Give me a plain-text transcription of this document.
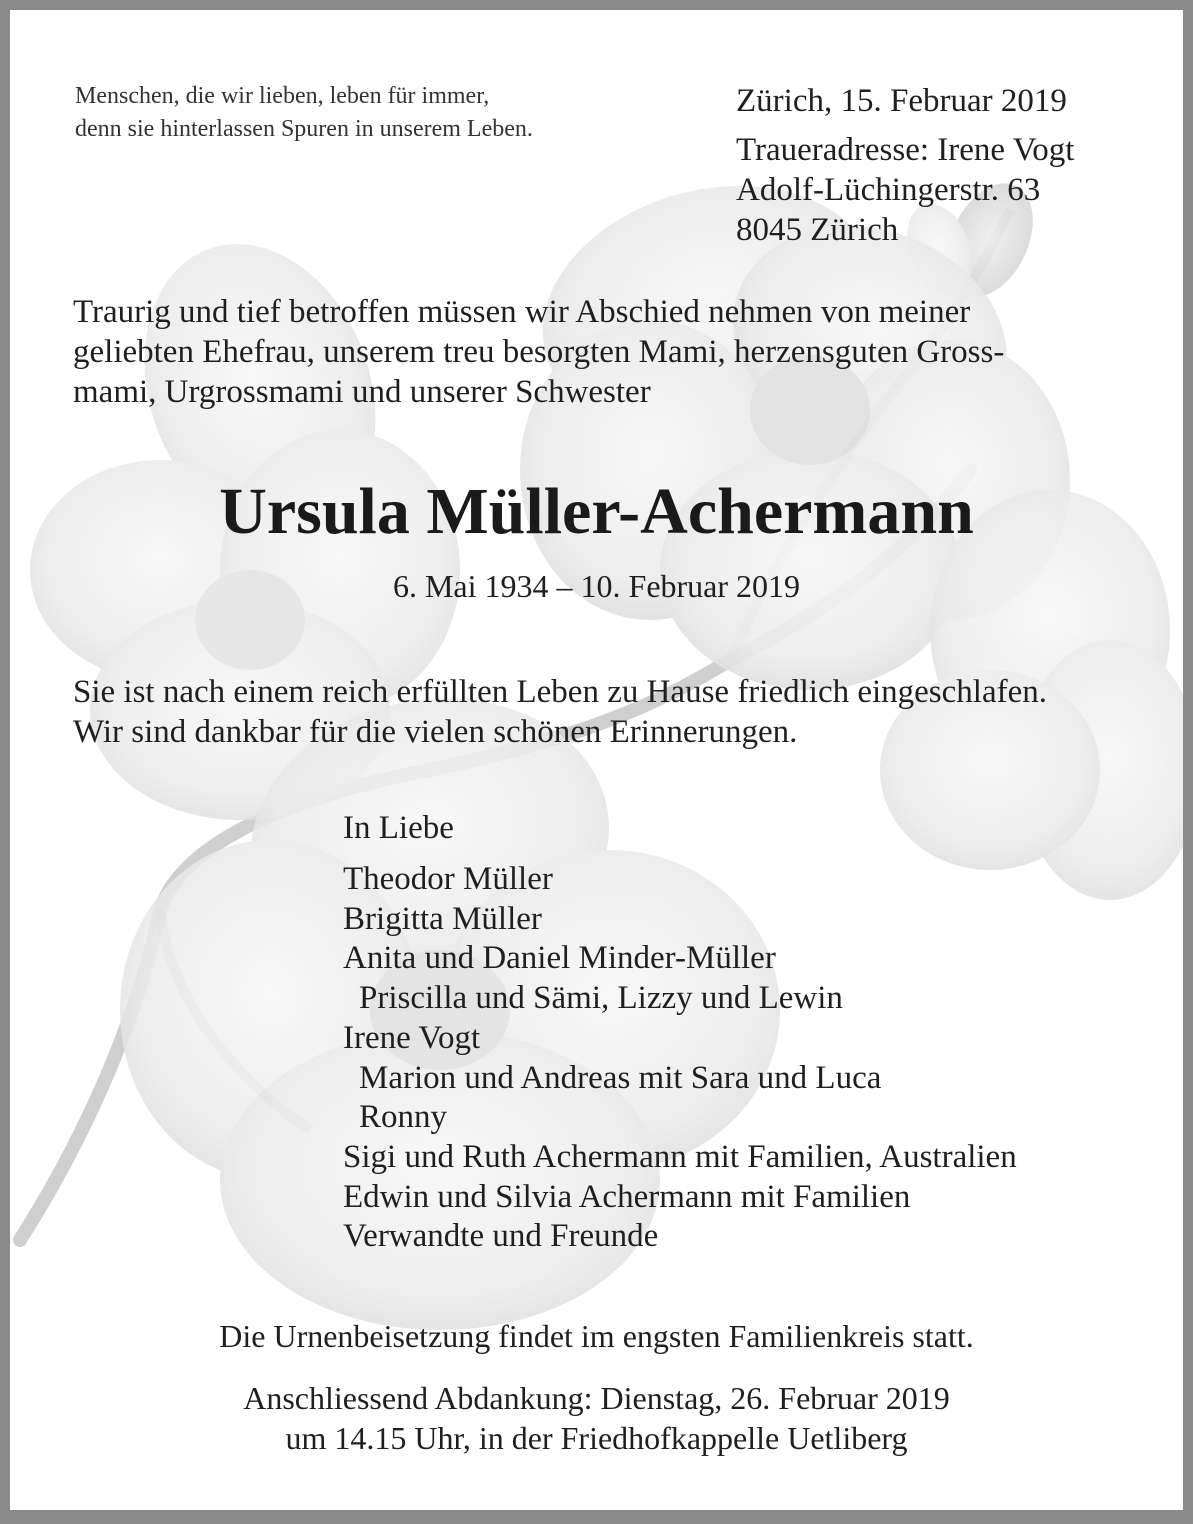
Menschen, die wir lieben, leben für immer,
denn sie hinterlassen Spuren in unserem Leben.
Zürich, 15. Februar 2019
Traueradresse: Irene Vogt
Adolf-Lüchingerstr. 63
8045 Zürich
Traurig und tief betroffen müssen wir Abschied nehmen von meiner
geliebten Ehefrau, unserem treu besorgten Mami, herzensguten Gross-
mami, Urgrossmami und unserer Schwester
Ursula Müller-Achermann
6. Mai 1934 – 10. Februar 2019
Sie ist nach einem reich erfüllten Leben zu Hause friedlich eingeschlafen.
Wir sind dankbar für die vielen schönen Erinnerungen.
In Liebe
Theodor Müller
Brigitta Müller
Anita und Daniel Minder-Müller
Priscilla und Sämi, Lizzy und Lewin
Irene Vogt
Marion und Andreas mit Sara und Luca
Ronny
Sigi und Ruth Achermann mit Familien, Australien
Edwin und Silvia Achermann mit Familien
Verwandte und Freunde
Die Urnenbeisetzung findet im engsten Familienkreis statt.
Anschliessend Abdankung: Dienstag, 26. Februar 2019
um 14.15 Uhr, in der Friedhofkappelle Uetliberg
